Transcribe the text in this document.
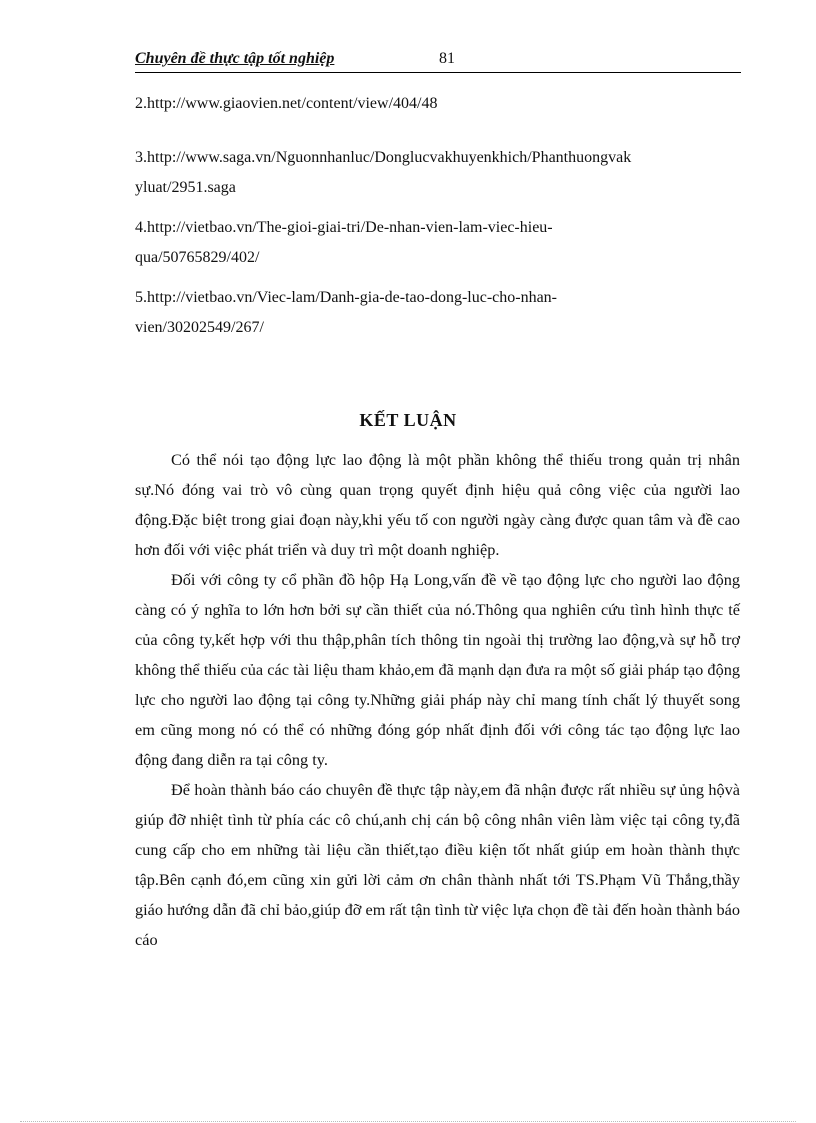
Chuyên đề thực tập tốt nghiệp	81
2.http://www.giaovien.net/content/view/404/48
3.http://www.saga.vn/Nguonnhanluc/Donglucvakhuyenkhich/Phanthuongvak
yluat/2951.saga
4.http://vietbao.vn/The-gioi-giai-tri/De-nhan-vien-lam-viec-hieu-
qua/50765829/402/
5.http://vietbao.vn/Viec-lam/Danh-gia-de-tao-dong-luc-cho-nhan-
vien/30202549/267/
KẾT LUẬN

Có thể nói tạo động lực lao động là một phần không thể thiếu trong quản trị nhân sự.Nó đóng vai trò vô cùng quan trọng quyết định hiệu quả công việc của người lao động.Đặc biệt trong giai đoạn này,khi yếu tố con người ngày càng được quan tâm và đề cao hơn đối với việc phát triển và duy trì một doanh nghiệp.

Đối với công ty cổ phần đồ hộp Hạ Long,vấn đề về tạo động lực cho người lao động càng có ý nghĩa to lớn hơn bởi sự cần thiết của nó.Thông qua nghiên cứu tình hình thực tế của công ty,kết hợp với thu thập,phân tích thông tin ngoài thị trường lao động,và sự hỗ trợ không thể thiếu của các tài liệu tham khảo,em đã mạnh dạn đưa ra một số giải pháp tạo động lực cho người lao động tại công ty.Những giải pháp này chỉ mang tính chất lý thuyết song em cũng mong nó có thể có những đóng góp nhất định đối với công tác tạo động lực lao động đang diễn ra tại công ty.

Để hoàn thành báo cáo chuyên đề thực tập này,em đã nhận được rất nhiều sự ủng hộvà giúp đỡ nhiệt tình từ phía các cô chú,anh chị cán bộ công nhân viên làm việc tại công ty,đã cung cấp cho em những tài liệu cần thiết,tạo điều kiện tốt nhất giúp em hoàn thành thực tập.Bên cạnh đó,em cũng xin gửi lời cảm ơn chân thành nhất tới TS.Phạm Vũ Thắng,thầy giáo hướng dẫn đã chỉ bảo,giúp đỡ em rất tận tình từ việc lựa chọn đề tài đến hoàn thành báo cáo
